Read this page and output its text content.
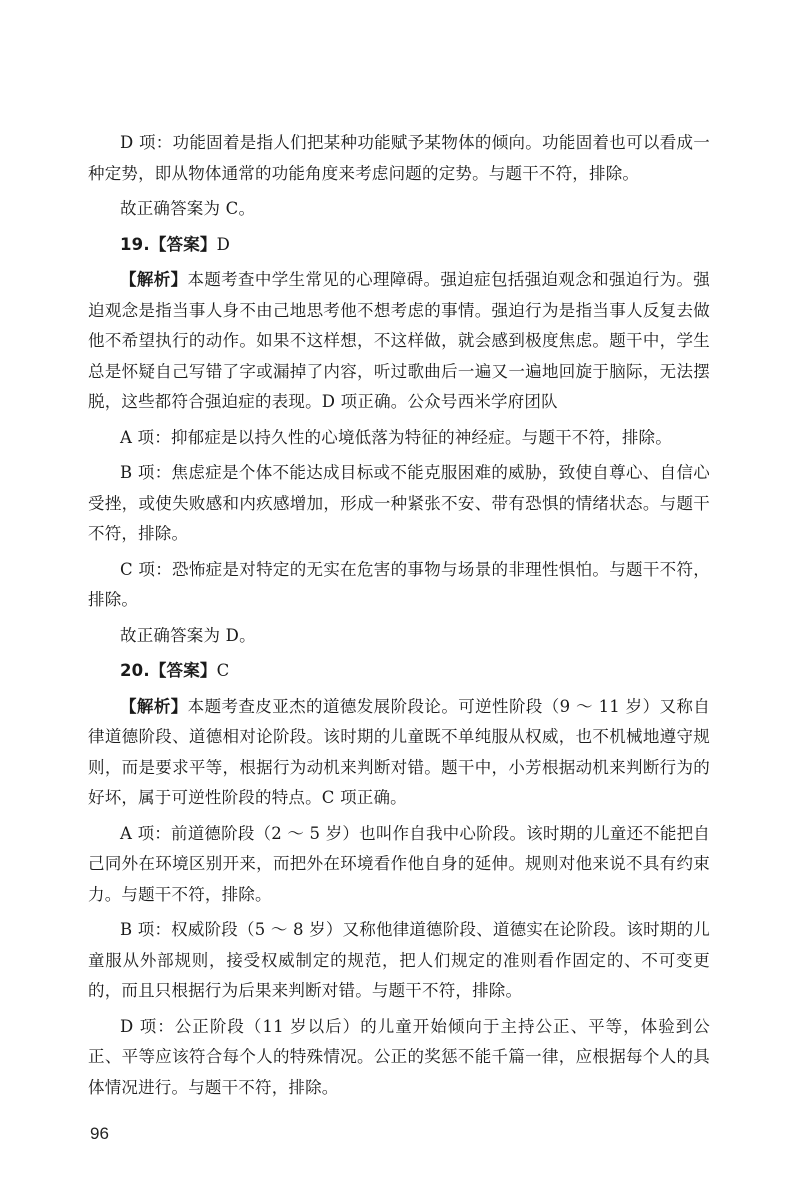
D 项：功能固着是指人们把某种功能赋予某物体的倾向。功能固着也可以看成一种定势，即从物体通常的功能角度来考虑问题的定势。与题干不符，排除。

故正确答案为 C。

19.【答案】D

【解析】本题考查中学生常见的心理障碍。强迫症包括强迫观念和强迫行为。强迫观念是指当事人身不由己地思考他不想考虑的事情。强迫行为是指当事人反复去做他不希望执行的动作。如果不这样想，不这样做，就会感到极度焦虑。题干中，学生总是怀疑自己写错了字或漏掉了内容，听过歌曲后一遍又一遍地回旋于脑际，无法摆脱，这些都符合强迫症的表现。D 项正确。公众号西米学府团队

A 项：抑郁症是以持久性的心境低落为特征的神经症。与题干不符，排除。

B 项：焦虑症是个体不能达成目标或不能克服困难的威胁，致使自尊心、自信心受挫，或使失败感和内疚感增加，形成一种紧张不安、带有恐惧的情绪状态。与题干不符，排除。

C 项：恐怖症是对特定的无实在危害的事物与场景的非理性惧怕。与题干不符，排除。

故正确答案为 D。

20.【答案】C

【解析】本题考查皮亚杰的道德发展阶段论。可逆性阶段（9 ～ 11 岁）又称自律道德阶段、道德相对论阶段。该时期的儿童既不单纯服从权威，也不机械地遵守规则，而是要求平等，根据行为动机来判断对错。题干中，小芳根据动机来判断行为的好坏，属于可逆性阶段的特点。C 项正确。

A 项：前道德阶段（2 ～ 5 岁）也叫作自我中心阶段。该时期的儿童还不能把自己同外在环境区别开来，而把外在环境看作他自身的延伸。规则对他来说不具有约束力。与题干不符，排除。

B 项：权威阶段（5 ～ 8 岁）又称他律道德阶段、道德实在论阶段。该时期的儿童服从外部规则，接受权威制定的规范，把人们规定的准则看作固定的、不可变更的，而且只根据行为后果来判断对错。与题干不符，排除。

D 项：公正阶段（11 岁以后）的儿童开始倾向于主持公正、平等，体验到公正、平等应该符合每个人的特殊情况。公正的奖惩不能千篇一律，应根据每个人的具体情况进行。与题干不符，排除。

96
